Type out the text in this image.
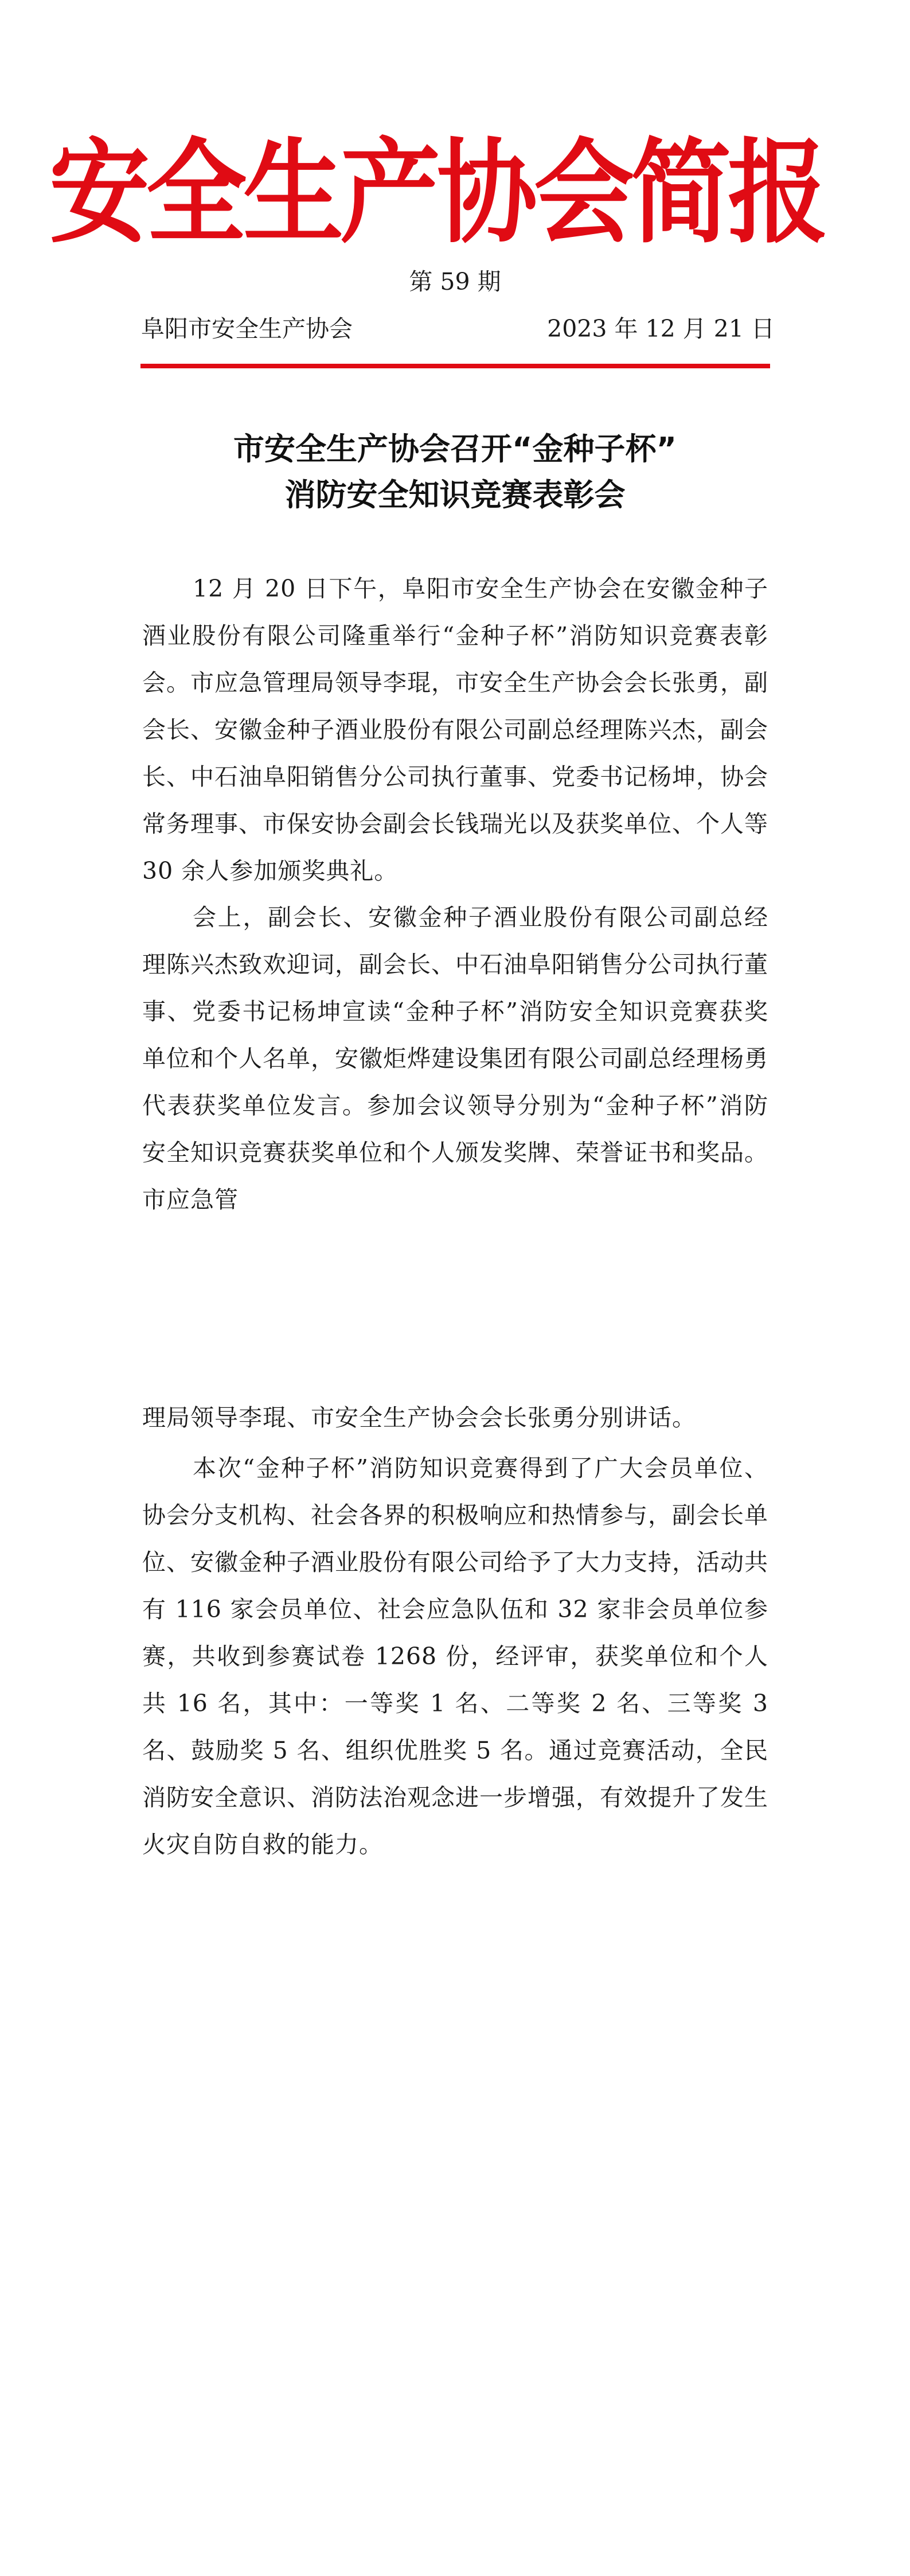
安全生产协会简报
第 59 期
阜阳市安全生产协会	2023 年 12 月 21 日
市安全生产协会召开“金种子杯”
消防安全知识竞赛表彰会

12 月 20 日下午，阜阳市安全生产协会在安徽金种子酒业股份有限公司隆重举行“金种子杯”消防知识竞赛表彰会。市应急管理局领导李琨，市安全生产协会会长张勇，副会长、安徽金种子酒业股份有限公司副总经理陈兴杰，副会长、中石油阜阳销售分公司执行董事、党委书记杨坤，协会常务理事、市保安协会副会长钱瑞光以及获奖单位、个人等 30 余人参加颁奖典礼。

会上，副会长、安徽金种子酒业股份有限公司副总经理陈兴杰致欢迎词，副会长、中石油阜阳销售分公司执行董事、党委书记杨坤宣读“金种子杯”消防安全知识竞赛获奖单位和个人名单，安徽炬烨建设集团有限公司副总经理杨勇代表获奖单位发言。参加会议领导分别为“金种子杯”消防安全知识竞赛获奖单位和个人颁发奖牌、荣誉证书和奖品。市应急管

理局领导李琨、市安全生产协会会长张勇分别讲话。

本次“金种子杯”消防知识竞赛得到了广大会员单位、协会分支机构、社会各界的积极响应和热情参与，副会长单位、安徽金种子酒业股份有限公司给予了大力支持，活动共有 116 家会员单位、社会应急队伍和 32 家非会员单位参赛，共收到参赛试卷 1268 份，经评审，获奖单位和个人共 16 名，其中：一等奖 1 名、二等奖 2 名、三等奖 3 名、鼓励奖 5 名、组织优胜奖 5 名。通过竞赛活动，全民消防安全意识、消防法治观念进一步增强，有效提升了发生火灾自防自救的能力。
